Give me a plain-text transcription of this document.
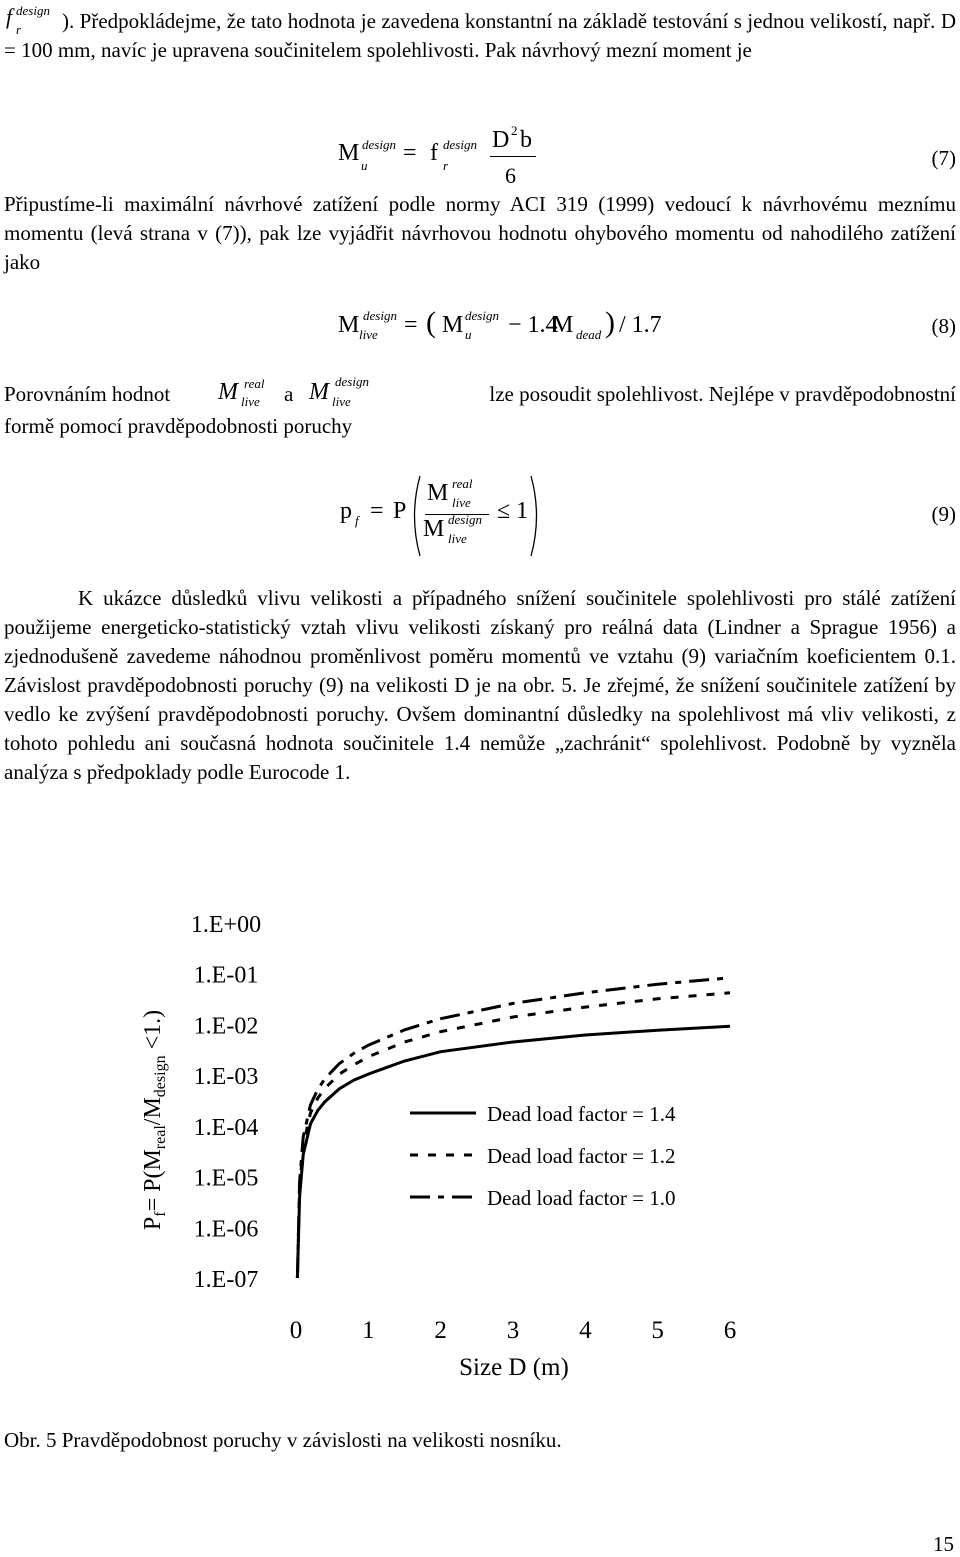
f design
r ). Předpokládejme, že tato hodnota je zavedena konstantní na základě testování s jednou velikostí, např. D = 100 mm, navíc je upravena součinitelem spolehlivosti. Pak návrhový mezní moment je

M design
u = f design
r
D 2 b
6
(7)

Připustíme-li maximální návrhové zatížení podle normy ACI 319 (1999) vedoucí k návrhovému meznímu momentu (levá strana v (7)), pak lze vyjádřit návrhovou hodnotu ohybového momentu od nahodilého zatížení jako

M design
live = ( M design
u − 1.4
M dead ) / 1.7	(8)
Porovnáním hodnot M real
live a M design
live	lze posoudit spolehlivost. Nejlépe v pravděpodobnostní
formě pomocí pravděpodobnosti poruchy
p f = P
M real
live
M design
live
≤ 1	(9)

K ukázce důsledků vlivu velikosti a případného snížení součinitele spolehlivosti pro stálé zatížení použijeme energeticko-statistický vztah vlivu velikosti získaný pro reálná data (Lindner a Sprague 1956) a zjednodušeně zavedeme náhodnou proměnlivost poměru momentů ve vztahu (9) variačním koeficientem 0.1. Závislost pravděpodobnosti poruchy (9) na velikosti D je na obr. 5. Je zřejmé, že snížení součinitele zatížení by vedlo ke zvýšení pravděpodobnosti poruchy. Ovšem dominantní důsledky na spolehlivost má vliv velikosti, z tohoto pohledu ani současná hodnota součinitele 1.4 nemůže „zachránit“ spolehlivost. Podobně by vyzněla analýza s předpoklady podle Eurocode 1.

1.E+00
1.E-01
1.E-02
1.E-03
1.E-04
1.E-05
1.E-06
1.E-07
0 1 2 3 4 5 6
Dead load factor = 1.4
Dead load factor = 1.2
Dead load factor = 1.0
Size D (m)
$P_f= P(M_{real}/M_{design} <1.)$
Obr. 5 Pravděpodobnost poruchy v závislosti na velikosti nosníku.
15
